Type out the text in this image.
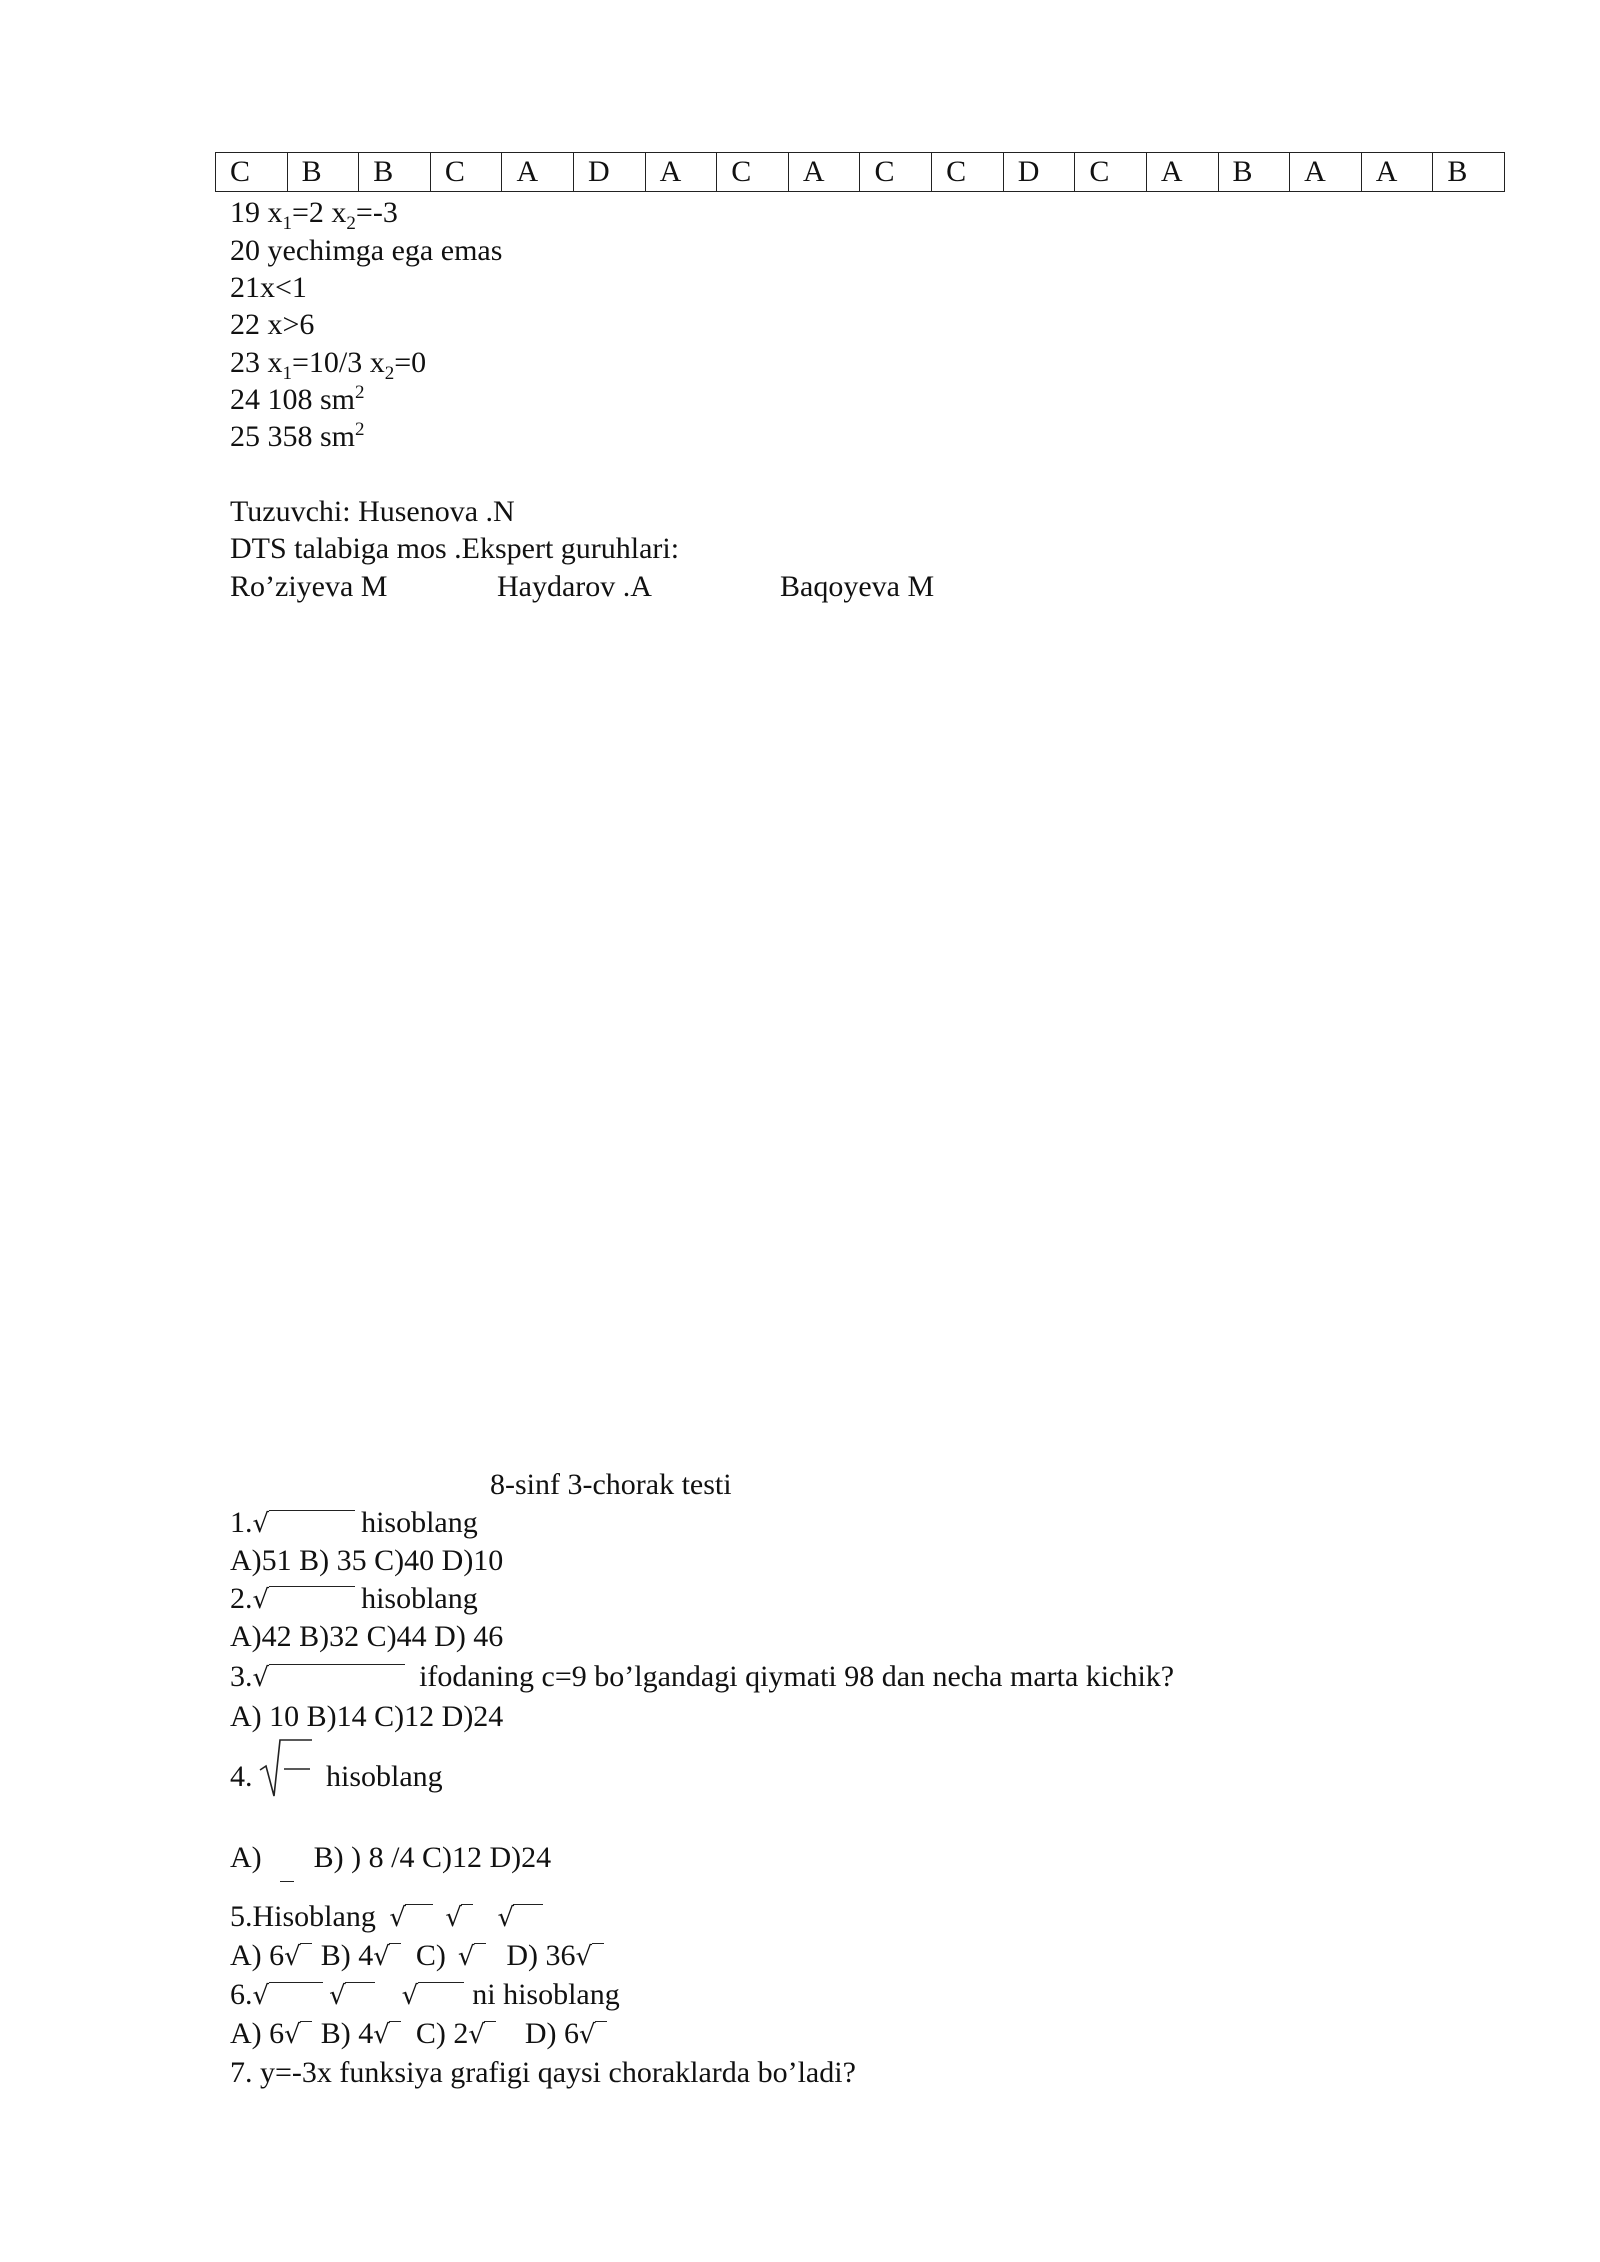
C	B	B	C	A	D	A	C	A	C	C	D	C	A	B	A	A	B
19 $x_1=2$ $x_2=-3$
20 yechimga ega emas
21x<1
22 x>6
23 $x_1=10/3$ $x_2=0$
24 108 $sm^2$
25 358 $sm^2$
Tuzuvchi: Husenova .N
DTS talabiga mos .Ekspert guruhlari:
Ro’ziyeva M	Haydarov .A	Baqoyeva M
8-sinf 3-chorak testi
1.√	hisoblang
A)51 B) 35 C)40 D)10
2.√	hisoblang
A)42 B)32 C)44 D) 46
3.√	ifodaning c=9 bo’lgandagi qiymati 98 dan necha marta kichik?
A) 10 B)14 C)12 D)24
4. hisoblang
A) B) ) 8 /4 C)12 D)24
5.Hisoblang √ √ √
A) 6√ B) 4√ C) √ D) 36√
6.√ √ √ ni hisoblang
A) 6√ B) 4√ C) 2√ D) 6√
7. y=-3x funksiya grafigi qaysi choraklarda bo’ladi?
